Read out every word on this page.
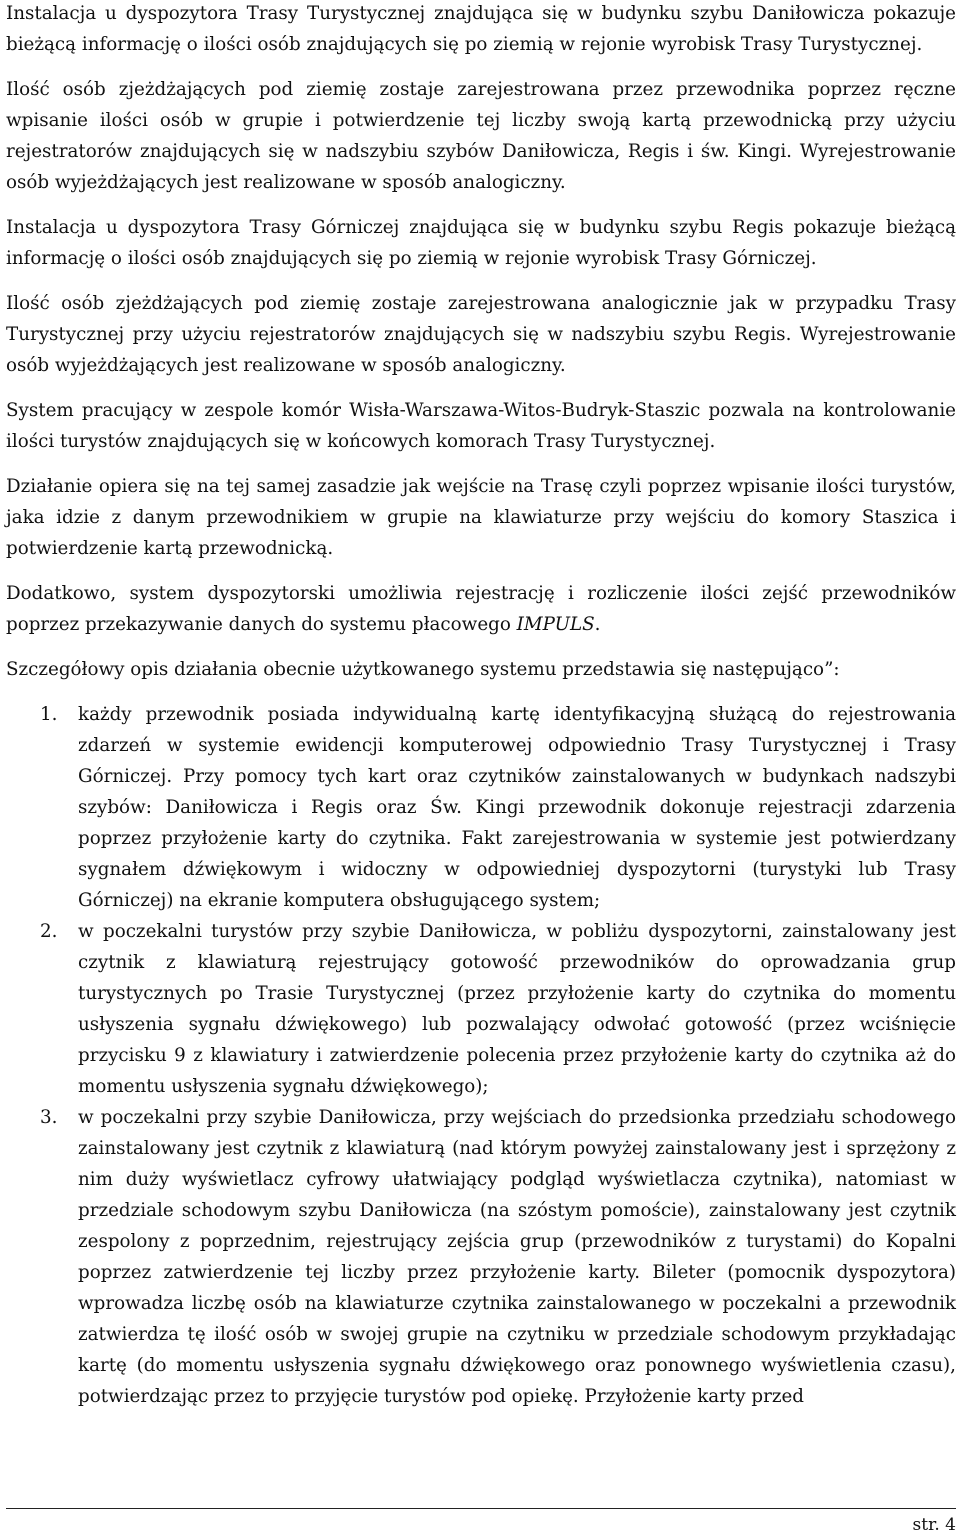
Instalacja u dyspozytora Trasy Turystycznej znajdująca się w budynku szybu Daniłowicza pokazuje bieżącą informację o ilości osób znajdujących się po ziemią w rejonie wyrobisk Trasy Turystycznej.

Ilość osób zjeżdżających pod ziemię zostaje zarejestrowana przez przewodnika poprzez ręczne wpisanie ilości osób w grupie i potwierdzenie tej liczby swoją kartą przewodnicką przy użyciu rejestratorów znajdujących się w nadszybiu szybów Daniłowicza, Regis i św. Kingi. Wyrejestrowanie osób wyjeżdżających jest realizowane w sposób analogiczny.

Instalacja u dyspozytora Trasy Górniczej znajdująca się w budynku szybu Regis pokazuje bieżącą informację o ilości osób znajdujących się po ziemią w rejonie wyrobisk Trasy Górniczej.

Ilość osób zjeżdżających pod ziemię zostaje zarejestrowana analogicznie jak w przypadku Trasy Turystycznej przy użyciu rejestratorów znajdujących się w nadszybiu szybu Regis. Wyrejestrowanie osób wyjeżdżających jest realizowane w sposób analogiczny.

System pracujący w zespole komór Wisła-Warszawa-Witos-Budryk-Staszic pozwala na kontrolowanie ilości turystów znajdujących się w końcowych komorach Trasy Turystycznej.

Działanie opiera się na tej samej zasadzie jak wejście na Trasę czyli poprzez wpisanie ilości turystów, jaka idzie z danym przewodnikiem w grupie na klawiaturze przy wejściu do komory Staszica i potwierdzenie kartą przewodnicką.

Dodatkowo, system dyspozytorski umożliwia rejestrację i rozliczenie ilości zejść przewodników poprzez przekazywanie danych do systemu płacowego IMPULS.

Szczegółowy opis działania obecnie użytkowanego systemu przedstawia się następująco”:

1. każdy przewodnik posiada indywidualną kartę identyfikacyjną służącą do rejestrowania zdarzeń w systemie ewidencji komputerowej odpowiednio Trasy Turystycznej i Trasy Górniczej. Przy pomocy tych kart oraz czytników zainstalowanych w budynkach nadszybi szybów: Daniłowicza i Regis oraz Św. Kingi przewodnik dokonuje rejestracji zdarzenia poprzez przyłożenie karty do czytnika. Fakt zarejestrowania w systemie jest potwierdzany sygnałem dźwiękowym i widoczny w odpowiedniej dyspozytorni (turystyki lub Trasy Górniczej) na ekranie komputera obsługującego system;
2. w poczekalni turystów przy szybie Daniłowicza, w pobliżu dyspozytorni, zainstalowany jest czytnik z klawiaturą rejestrujący gotowość przewodników do oprowadzania grup turystycznych po Trasie Turystycznej (przez przyłożenie karty do czytnika do momentu usłyszenia sygnału dźwiękowego) lub pozwalający odwołać gotowość (przez wciśnięcie przycisku 9 z klawiatury i zatwierdzenie polecenia przez przyłożenie karty do czytnika aż do momentu usłyszenia sygnału dźwiękowego);
3. w poczekalni przy szybie Daniłowicza, przy wejściach do przedsionka przedziału schodowego zainstalowany jest czytnik z klawiaturą (nad którym powyżej zainstalowany jest i sprzężony z nim duży wyświetlacz cyfrowy ułatwiający podgląd wyświetlacza czytnika), natomiast w przedziale schodowym szybu Daniłowicza (na szóstym pomoście), zainstalowany jest czytnik zespolony z poprzednim, rejestrujący zejścia grup (przewodników z turystami) do Kopalni poprzez zatwierdzenie tej liczby przez przyłożenie karty. Bileter (pomocnik dyspozytora) wprowadza liczbę osób na klawiaturze czytnika zainstalowanego w poczekalni a przewodnik zatwierdza tę ilość osób w swojej grupie na czytniku w przedziale schodowym przykładając kartę (do momentu usłyszenia sygnału dźwiękowego oraz ponownego wyświetlenia czasu), potwierdzając przez to przyjęcie turystów pod opiekę. Przyłożenie karty przed
str. 4
